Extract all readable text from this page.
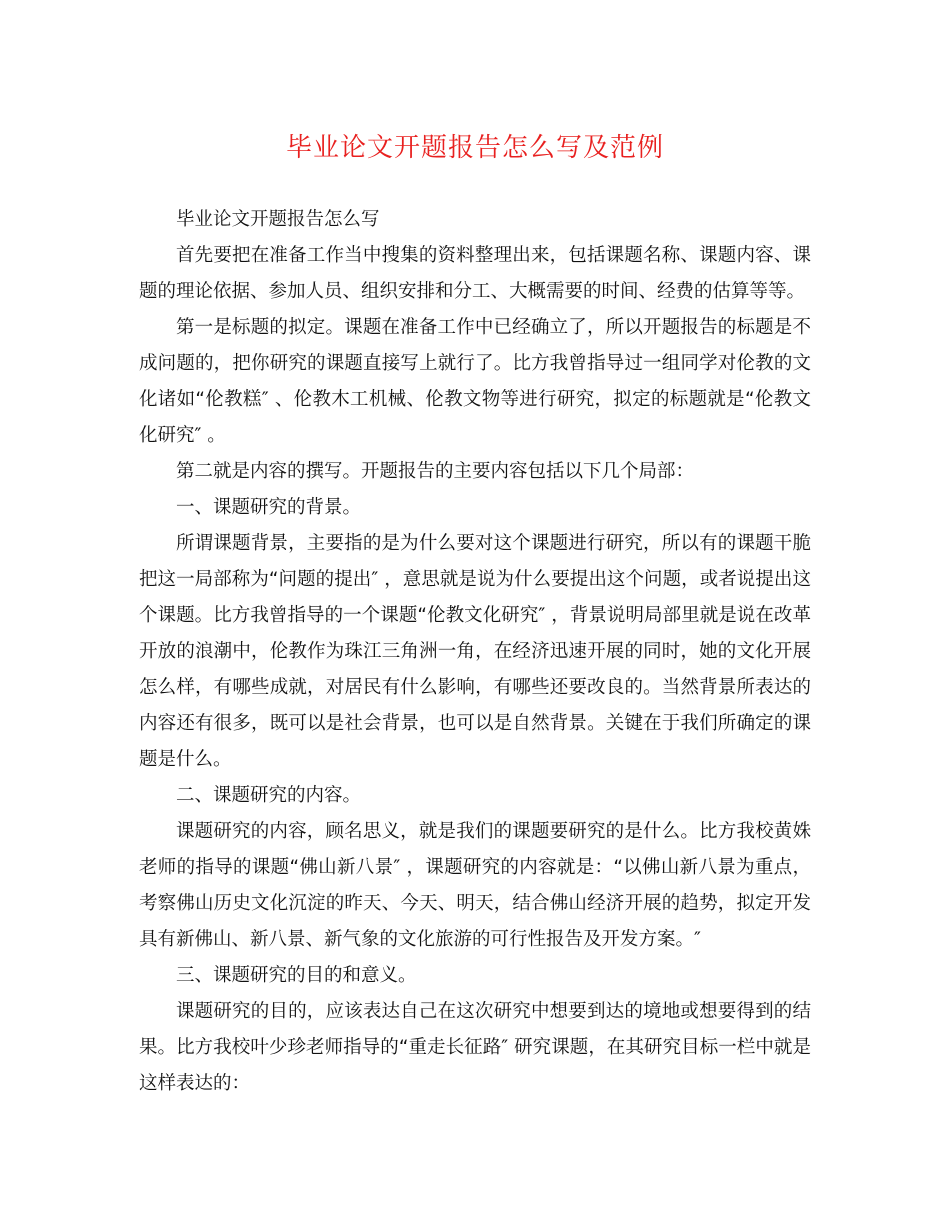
毕业论文开题报告怎么写及范例

毕业论文开题报告怎么写

首先要把在准备工作当中搜集的资料整理出来，包括课题名称、课题内容、课题的理论依据、参加人员、组织安排和分工、大概需要的时间、经费的估算等等。

第一是标题的拟定。课题在准备工作中已经确立了，所以开题报告的标题是不成问题的，把你研究的课题直接写上就行了。比方我曾指导过一组同学对伦教的文化诸如“伦教糕″ 、伦教木工机械、伦教文物等进行研究，拟定的标题就是“伦教文化研究″ 。

第二就是内容的撰写。开题报告的主要内容包括以下几个局部：

一、课题研究的背景。

所谓课题背景，主要指的是为什么要对这个课题进行研究，所以有的课题干脆把这一局部称为“问题的提出″ ，意思就是说为什么要提出这个问题，或者说提出这个课题。比方我曾指导的一个课题“伦教文化研究″ ，背景说明局部里就是说在改革开放的浪潮中，伦教作为珠江三角洲一角，在经济迅速开展的同时，她的文化开展怎么样，有哪些成就，对居民有什么影响，有哪些还要改良的。当然背景所表达的内容还有很多，既可以是社会背景，也可以是自然背景。关键在于我们所确定的课题是什么。

二、课题研究的内容。

课题研究的内容，顾名思义，就是我们的课题要研究的是什么。比方我校黄姝老师的指导的课题“佛山新八景″ ，课题研究的内容就是：“以佛山新八景为重点，考察佛山历史文化沉淀的昨天、今天、明天，结合佛山经济开展的趋势，拟定开发具有新佛山、新八景、新气象的文化旅游的可行性报告及开发方案。″

三、课题研究的目的和意义。

课题研究的目的，应该表达自己在这次研究中想要到达的境地或想要得到的结果。比方我校叶少珍老师指导的“重走长征路″ 研究课题，在其研究目标一栏中就是这样表达的：
